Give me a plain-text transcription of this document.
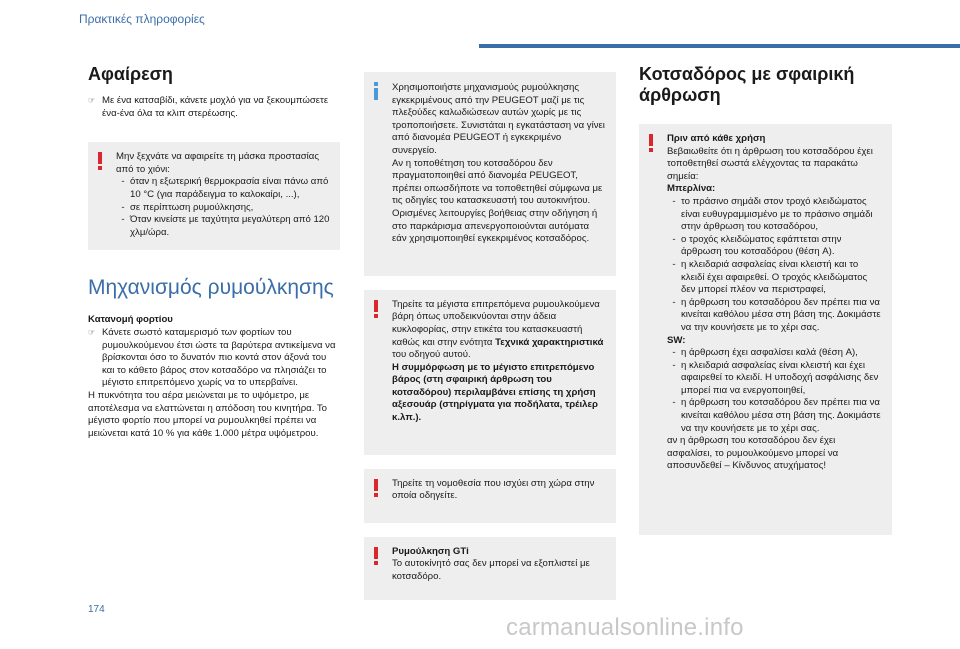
Πρακτικές πληροφορίες
Αφαίρεση
☞ Με ένα κατσαβίδι, κάνετε μοχλό για να ξεκουμπώσετε ένα-ένα όλα τα κλιπ στερέωσης.
Μην ξεχνάτε να αφαιρείτε τη μάσκα προστασίας από το χιόνι:
- όταν η εξωτερική θερμοκρασία είναι πάνω από 10 °C (για παράδειγμα το καλοκαίρι, ...),
- σε περίπτωση ρυμούλκησης,
- Όταν κινείστε με ταχύτητα μεγαλύτερη από 120 χλμ/ώρα.
Μηχανισμός ρυμούλκησης
Κατανομή φορτίου
☞ Κάνετε σωστό καταμερισμό των φορτίων του ρυμουλκούμενου έτσι ώστε τα βαρύτερα αντικείμενα να βρίσκονται όσο το δυνατόν πιο κοντά στον άξονά του και το κάθετο βάρος στον κοτσαδόρο να πλησιάζει το μέγιστο επιτρεπόμενο χωρίς να το υπερβαίνει.
Η πυκνότητα του αέρα μειώνεται με το υψόμετρο, με αποτέλεσμα να ελαττώνεται η απόδοση του κινητήρα. Το μέγιστο φορτίο που μπορεί να ρυμουλκηθεί πρέπει να μειώνεται κατά 10 % για κάθε 1.000 μέτρα υψόμετρου.
Χρησιμοποιήστε μηχανισμούς ρυμούλκησης εγκεκριμένους από την PEUGEOT μαζί με τις πλεξούδες καλωδιώσεων αυτών χωρίς με τις τροποποιήσετε. Συνιστάται η εγκατάσταση να γίνει από διανομέα PEUGEOT ή εγκεκριμένο συνεργείο.
Αν η τοποθέτηση του κοτσαδόρου δεν πραγματοποιηθεί από διανομέα PEUGEOT, πρέπει οπωσδήποτε να τοποθετηθεί σύμφωνα με τις οδηγίες του κατασκευαστή του αυτοκινήτου.
Ορισμένες λειτουργίες βοήθειας στην οδήγηση ή στο παρκάρισμα απενεργοποιούνται αυτόματα εάν χρησιμοποιηθεί εγκεκριμένος κοτσαδόρος.
Τηρείτε τα μέγιστα επιτρεπόμενα ρυμουλκούμενα βάρη όπως υποδεικνύονται στην άδεια κυκλοφορίας, στην ετικέτα του κατασκευαστή καθώς και στην ενότητα Τεχνικά χαρακτηριστικά του οδηγού αυτού.
Η συμμόρφωση με το μέγιστο επιτρεπόμενο βάρος (στη σφαιρική άρθρωση του κοτσαδόρου) περιλαμβάνει επίσης τη χρήση αξεσουάρ (στηρίγματα για ποδήλατα, τρέιλερ κ.λπ.).
Τηρείτε τη νομοθεσία που ισχύει στη χώρα στην οποία οδηγείτε.
Ρυμούλκηση GTi
Το αυτοκίνητό σας δεν μπορεί να εξοπλιστεί με κοτσαδόρο.
Κοτσαδόρος με σφαιρική άρθρωση
Πριν από κάθε χρήση
Βεβαιωθείτε ότι η άρθρωση του κοτσαδόρου έχει τοποθετηθεί σωστά ελέγχοντας τα παρακάτω σημεία:
Μπερλίνα:
- το πράσινο σημάδι στον τροχό κλειδώματος είναι ευθυγραμμισμένο με το πράσινο σημάδι στην άρθρωση του κοτσαδόρου,
- ο τροχός κλειδώματος εφάπτεται στην άρθρωση του κοτσαδόρου (θέση A).
- η κλειδαριά ασφαλείας είναι κλειστή και το κλειδί έχει αφαιρεθεί. Ο τροχός κλειδώματος δεν μπορεί πλέον να περιστραφεί,
- η άρθρωση του κοτσαδόρου δεν πρέπει πια να κινείται καθόλου μέσα στη βάση της. Δοκιμάστε να την κουνήσετε με το χέρι σας.
SW:
- η άρθρωση έχει ασφαλίσει καλά (θέση A),
- η κλειδαριά ασφαλείας είναι κλειστή και έχει αφαιρεθεί το κλειδί. Η υποδοχή ασφάλισης δεν μπορεί πια να ενεργοποιηθεί,
- η άρθρωση του κοτσαδόρου δεν πρέπει πια να κινείται καθόλου μέσα στη βάση της. Δοκιμάστε να την κουνήσετε με το χέρι σας.
αν η άρθρωση του κοτσαδόρου δεν έχει ασφαλίσει, το ρυμουλκούμενο μπορεί να αποσυνδεθεί – Κίνδυνος ατυχήματος!
174
carmanualsonline.info
